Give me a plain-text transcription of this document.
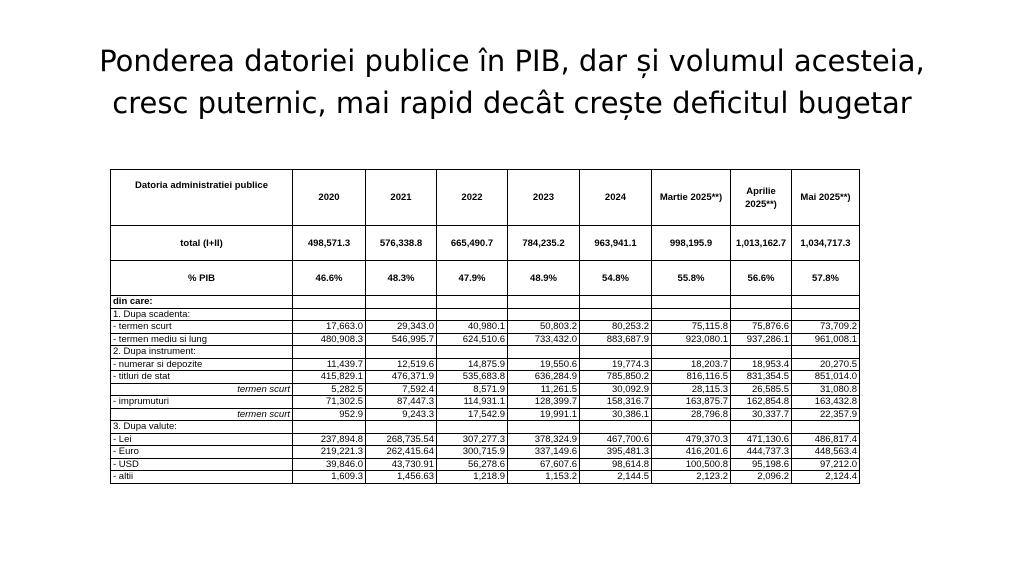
Ponderea datoriei publice în PIB, dar și volumul acesteia,
cresc puternic, mai rapid decât crește deficitul bugetar
Datoria administratiei publice	2020	2021	2022	2023	2024	Martie 2025**)	Aprilie 2025**)	Mai 2025**)
total (I+II)	498,571.3	576,338.8	665,490.7	784,235.2	963,941.1	998,195.9	1,013,162.7	1,034,717.3
% PIB	46.6%	48.3%	47.9%	48.9%	54.8%	55.8%	56.6%	57.8%
din care:								
1. Dupa scadenta:								
- termen scurt	17,663.0	29,343.0	40,980.1	50,803.2	80,253.2	75,115.8	75,876.6	73,709.2
- termen mediu si lung	480,908.3	546,995.7	624,510.6	733,432.0	883,687.9	923,080.1	937,286.1	961,008.1
2. Dupa instrument:								
- numerar si depozite	11,439.7	12,519.6	14,875.9	19,550.6	19,774.3	18,203.7	18,953.4	20,270.5
- titluri de stat	415,829.1	476,371.9	535,683.8	636,284.9	785,850.2	816,116.5	831,354.5	851,014.0
termen scurt	5,282.5	7,592.4	8,571.9	11,261.5	30,092.9	28,115.3	26,585.5	31,080.8
- imprumuturi	71,302.5	87,447.3	114,931.1	128,399.7	158,316.7	163,875.7	162,854.8	163,432.8
termen scurt	952.9	9,243.3	17,542.9	19,991.1	30,386.1	28,796.8	30,337.7	22,357.9
3. Dupa valute:								
- Lei	237,894.8	268,735.54	307,277.3	378,324.9	467,700.6	479,370.3	471,130.6	486,817.4
- Euro	219,221.3	262,415.64	300,715.9	337,149.6	395,481.3	416,201.6	444,737.3	448,563.4
- USD	39,846.0	43,730.91	56,278.6	67,607.6	98,614.8	100,500.8	95,198.6	97,212.0
- altii	1,609.3	1,456.63	1,218.9	1,153.2	2,144.5	2,123.2	2,096.2	2,124.4
